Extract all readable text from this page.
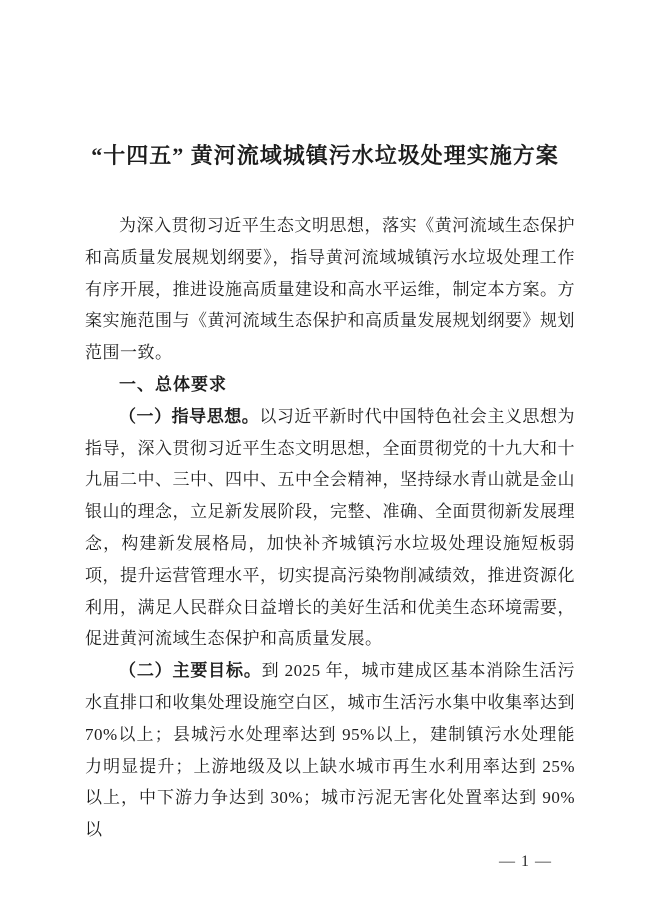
“十四五” 黄河流域城镇污水垃圾处理实施方案

为深入贯彻习近平生态文明思想，落实《黄河流域生态保护和高质量发展规划纲要》，指导黄河流域城镇污水垃圾处理工作有序开展，推进设施高质量建设和高水平运维，制定本方案。方案实施范围与《黄河流域生态保护和高质量发展规划纲要》规划范围一致。

一、总体要求

（一）指导思想。以习近平新时代中国特色社会主义思想为指导，深入贯彻习近平生态文明思想，全面贯彻党的十九大和十九届二中、三中、四中、五中全会精神，坚持绿水青山就是金山银山的理念，立足新发展阶段，完整、准确、全面贯彻新发展理念，构建新发展格局，加快补齐城镇污水垃圾处理设施短板弱项，提升运营管理水平，切实提高污染物削减绩效，推进资源化利用，满足人民群众日益增长的美好生活和优美生态环境需要，促进黄河流域生态保护和高质量发展。

（二）主要目标。到 2025 年，城市建成区基本消除生活污水直排口和收集处理设施空白区，城市生活污水集中收集率达到 70%以上；县城污水处理率达到 95%以上，建制镇污水处理能力明显提升；上游地级及以上缺水城市再生水利用率达到 25%以上，中下游力争达到 30%；城市污泥无害化处置率达到 90%以

— 1 —
